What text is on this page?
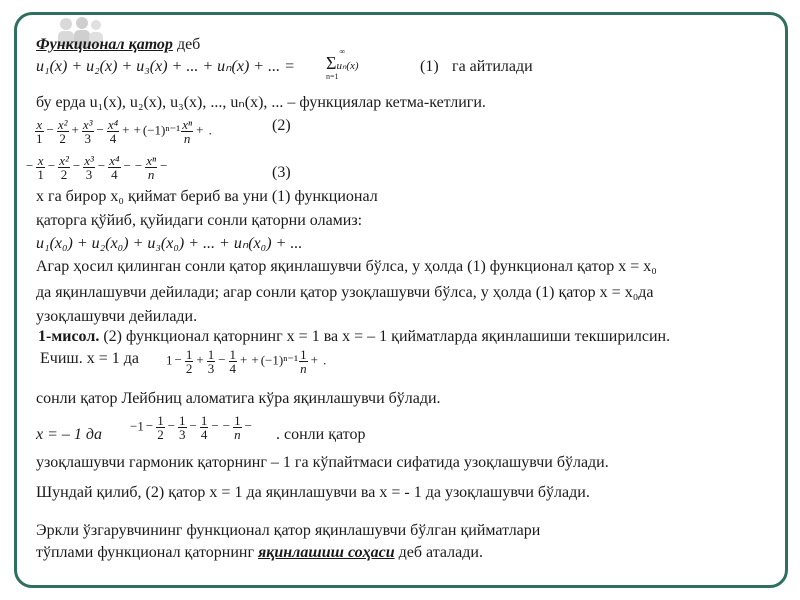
Функционал қатор деб
u₁(x) + u₂(x) + u₃(x) + ... + uₙ(x) + ... =
∞
Σuₙ(x)
n=1
(1) га айтилади
бу ерда u₁(x), u₂(x), u₃(x), ..., uₙ(x), ... – функциялар кетма-кетлиги.
$\frac{x}{1} - \frac{\text{x²}}{2} + \frac{\text{x³}}{3} - \frac{\text{x⁴}}{4}$ + + $(-1)^{n-1} \frac{\text{xⁿ}}{n}$ + .	(2)
− $\frac{x}{1} - \frac{\text{x²}}{2} - \frac{\text{x³}}{3} - \frac{\text{x⁴}}{4}$ − − $\frac{\text{xⁿ}}{n}$ −	(3)
x га бирор x₀ қиймат бериб ва уни (1) функционал
қаторга қўйиб, қуйидаги сонли қаторни оламиз:
u₁(x₀) + u₂(x₀) + u₃(x₀) + ... + uₙ(x₀) + ...
Агар ҳосил қилинган сонли қатор яқинлашувчи бўлса, у ҳолда (1) функционал қатор x = x₀
да яқинлашувчи дейилади; агар сонли қатор узоқлашувчи бўлса, у ҳолда (1) қатор x = x₀да
узоқлашувчи дейилади.
1-мисол. (2) функционал қаторнинг x = 1 ва x = – 1 қийматларда яқинлашиши текширилсин.
Ечиш. x = 1 да $1 - \frac{1}{2} + \frac{1}{3} - \frac{1}{4}$ + + $(-1)^{n-1} \frac{1}{n}$ + .
сонли қатор Лейбниц аломатига кўра яқинлашувчи бўлади.
x = – 1 да
$-1 - \frac{1}{2} - \frac{1}{3} - \frac{1}{4}$ − − $\frac{1}{n}$ −
. сонли қатор
узоқлашувчи гармоник қаторнинг – 1 га кўпайтмаси сифатида узоқлашувчи бўлади.
Шундай қилиб, (2) қатор x = 1 да яқинлашувчи ва x = - 1 да узоқлашувчи бўлади.
Эркли ўзгарувчининг функционал қатор яқинлашувчи бўлган қийматлари
тўплами функционал қаторнинг яқинлашиш соҳаси деб аталади.
